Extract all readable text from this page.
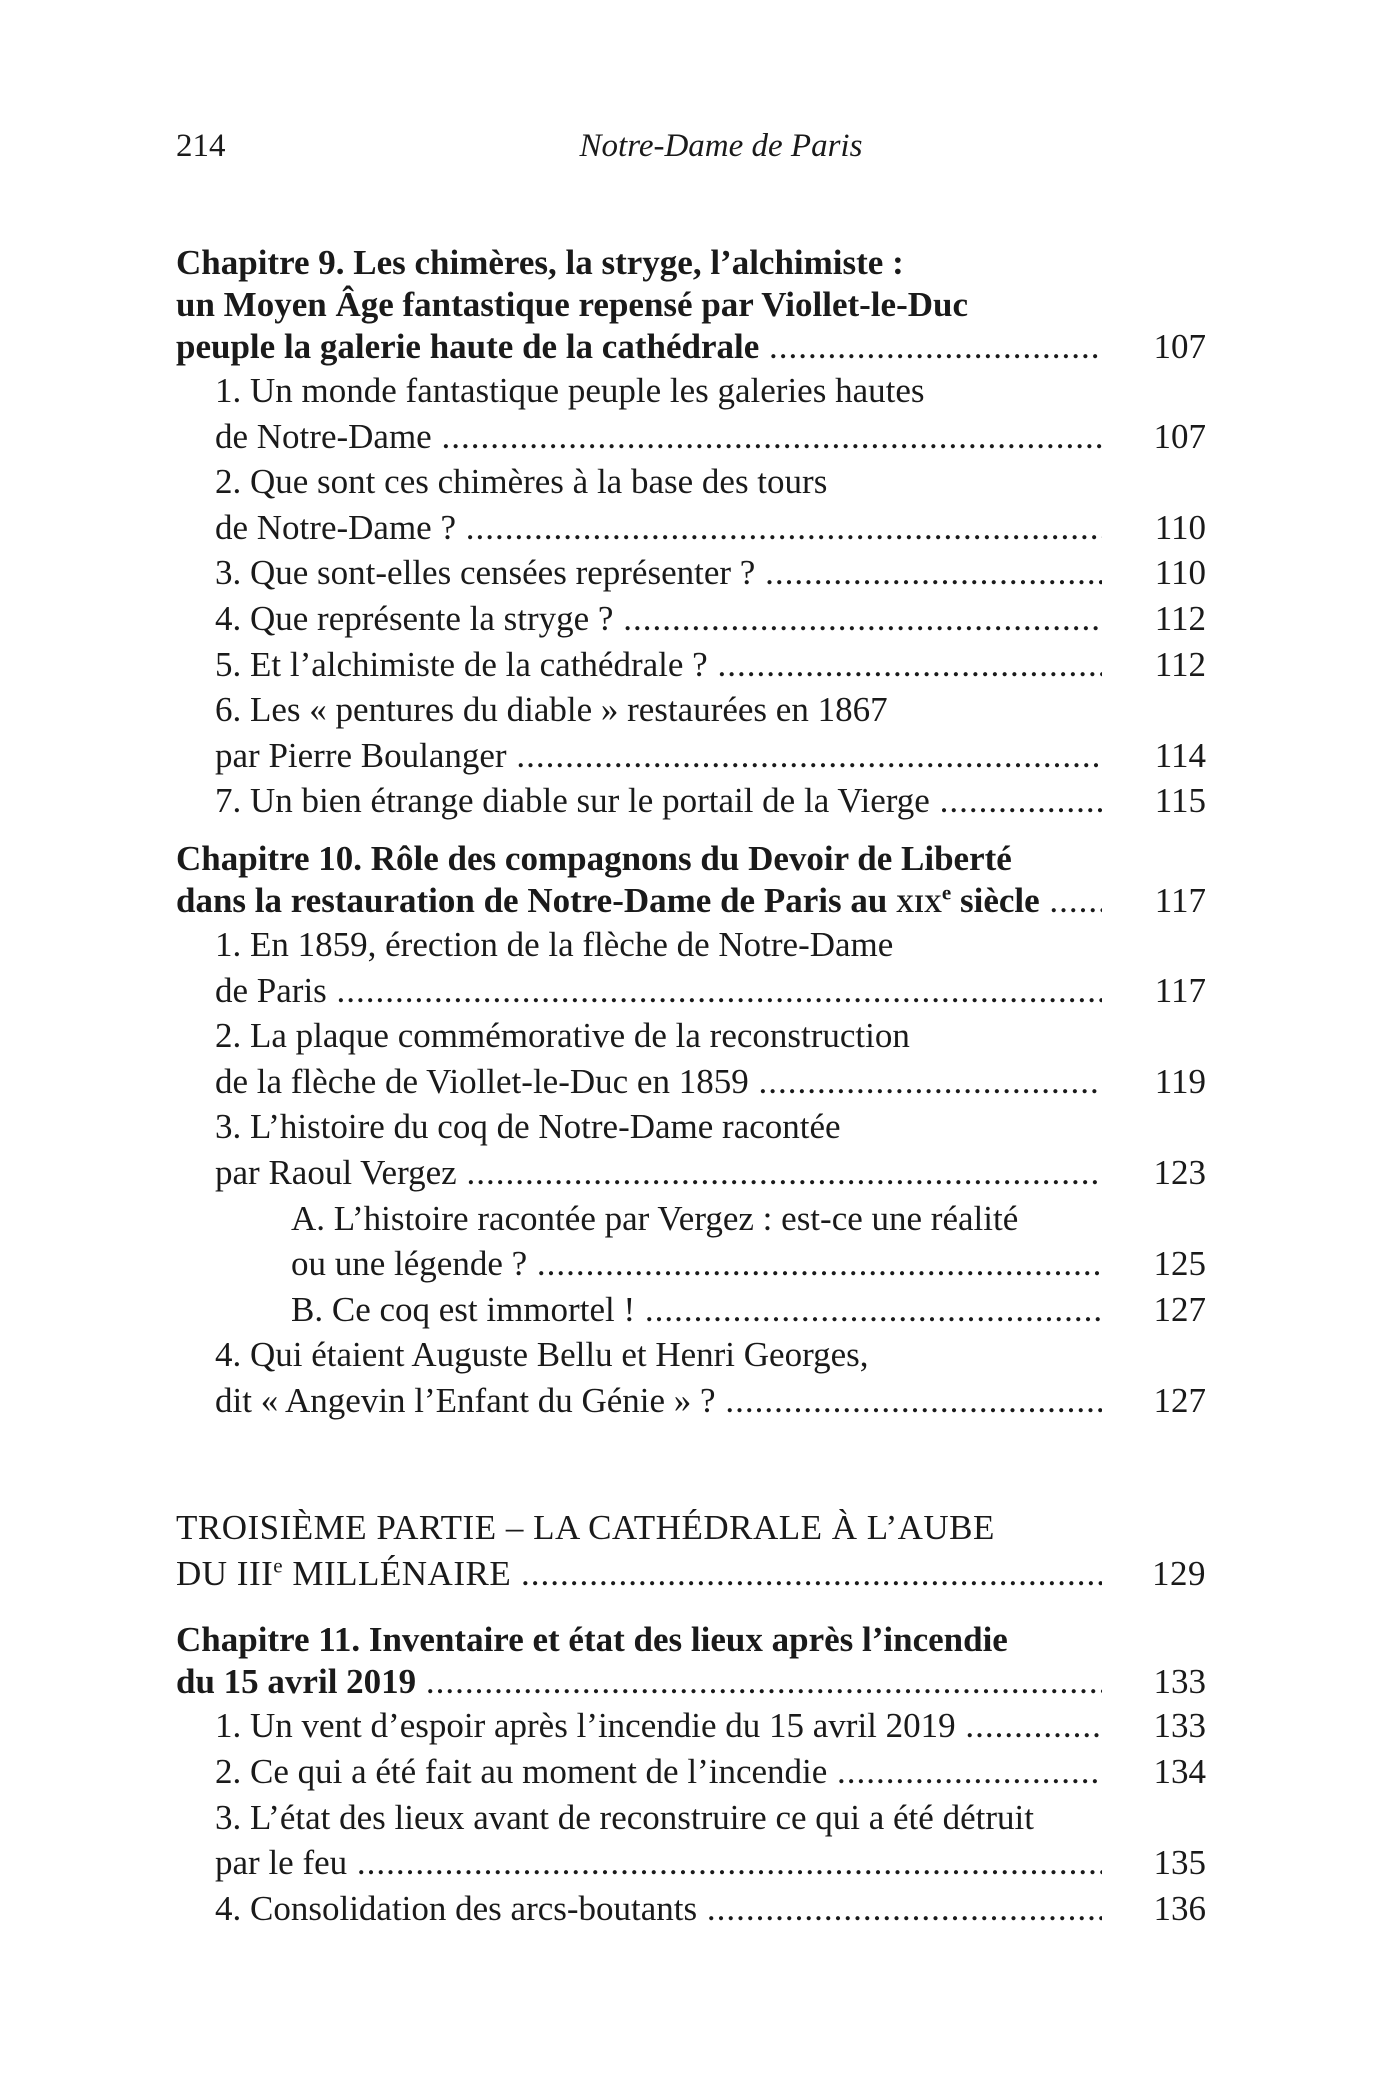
214	Notre-Dame de Paris
Chapitre 9. Les chimères, la stryge, l’alchimiste :
un Moyen Âge fantastique repensé par Viollet-le-Duc
peuple la galerie haute de la cathédrale .....	107
1. Un monde fantastique peuple les galeries hautes
de Notre-Dame .....	107
2. Que sont ces chimères à la base des tours
de Notre-Dame ? .....	110
3. Que sont-elles censées représenter ? .....	110
4. Que représente la stryge ? .....	112
5. Et l’alchimiste de la cathédrale ? .....	112
6. Les « pentures du diable » restaurées en 1867
par Pierre Boulanger .....	114
7. Un bien étrange diable sur le portail de la Vierge .....	115
Chapitre 10. Rôle des compagnons du Devoir de Liberté
dans la restauration de Notre-Dame de Paris au xix$^e$ siècle .....	117
1. En 1859, érection de la flèche de Notre-Dame
de Paris .....	117
2. La plaque commémorative de la reconstruction
de la flèche de Viollet-le-Duc en 1859 .....	119
3. L’histoire du coq de Notre-Dame racontée
par Raoul Vergez .....	123
A. L’histoire racontée par Vergez : est-ce une réalité
ou une légende ? .....	125
B. Ce coq est immortel ! .....	127
4. Qui étaient Auguste Bellu et Henri Georges,
dit « Angevin l’Enfant du Génie » ? .....	127
TROISIÈME PARTIE – LA CATHÉDRALE À L’AUBE
DU IIIe MILLÉNAIRE .....	129
Chapitre 11. Inventaire et état des lieux après l’incendie
du 15 avril 2019 .....	133
1. Un vent d’espoir après l’incendie du 15 avril 2019 .....	133
2. Ce qui a été fait au moment de l’incendie .....	134
3. L’état des lieux avant de reconstruire ce qui a été détruit
par le feu .....	135
4. Consolidation des arcs-boutants .....	136
